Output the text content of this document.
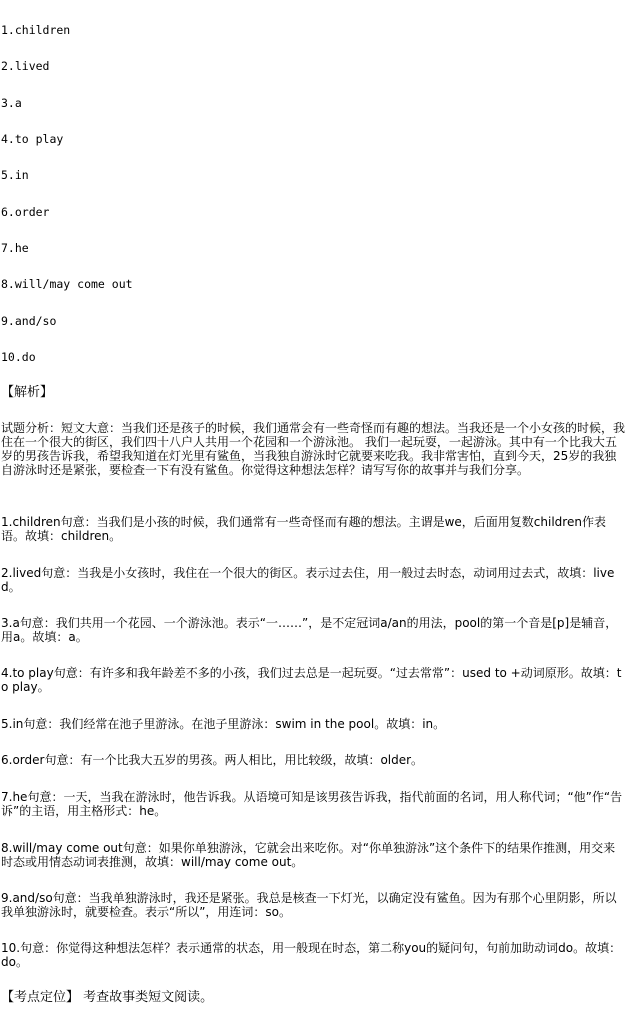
1.children
2.lived
3.a
4.to play
5.in
6.order
7.he
8.will/may come out
9.and/so
10.do
【解析】
试题分析：短文大意：当我们还是孩子的时候，我们通常会有一些奇怪而有趣的想法。当我还是一个小女孩的时候，我住在一个很大的街区，我们四十八户人共用一个花园和一个游泳池。 我们一起玩耍，一起游泳。其中有一个比我大五岁的男孩告诉我，希望我知道在灯光里有鲨鱼，当我独自游泳时它就要来吃我。我非常害怕，直到今天，25岁的我独自游泳时还是紧张，要检查一下有没有鲨鱼。你觉得这种想法怎样？请写写你的故事并与我们分享。
1.children句意：当我们是小孩的时候，我们通常有一些奇怪而有趣的想法。主谓是we，后面用复数children作表语。故填：children。
2.lived句意：当我是小女孩时，我住在一个很大的街区。表示过去住，用一般过去时态，动词用过去式，故填：lived。
3.a句意：我们共用一个花园、一个游泳池。表示“一……”，是不定冠词a/an的用法，pool的第一个音是[p]是辅音，用a。故填：a。
4.to play句意：有许多和我年龄差不多的小孩，我们过去总是一起玩耍。“过去常常”：used to +动词原形。故填：to play。
5.in句意：我们经常在池子里游泳。在池子里游泳：swim in the pool。故填：in。
6.order句意：有一个比我大五岁的男孩。两人相比，用比较级，故填：older。
7.he句意：一天，当我在游泳时，他告诉我。从语境可知是该男孩告诉我，指代前面的名词，用人称代词；“他”作“告诉”的主语，用主格形式：he。
8.will/may come out句意：如果你单独游泳，它就会出来吃你。对“你单独游泳”这个条件下的结果作推测，用交来时态或用情态动词表推测，故填：will/may come out。
9.and/so句意：当我单独游泳时，我还是紧张。我总是核查一下灯光，以确定没有鲨鱼。因为有那个心里阴影，所以我单独游泳时，就要检查。表示“所以”，用连词：so。
10.句意：你觉得这种想法怎样？表示通常的状态，用一般现在时态，第二称you的疑问句，句前加助动词do。故填：do。
【考点定位】 考查故事类短文阅读。
